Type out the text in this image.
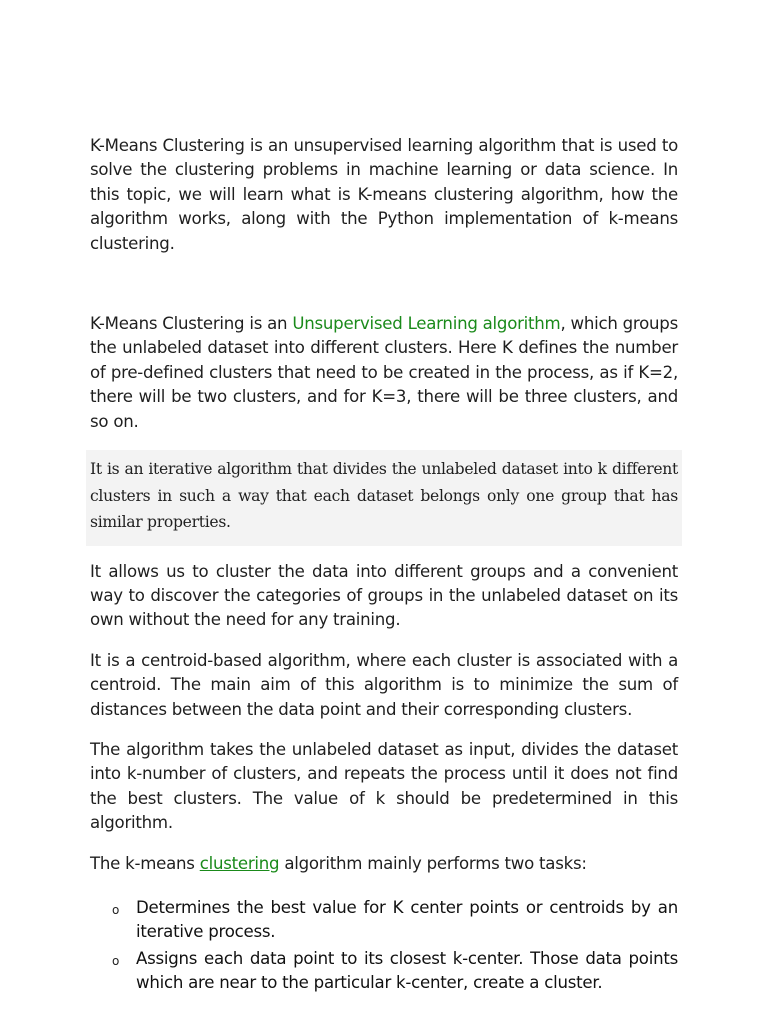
K-Means Clustering is an unsupervised learning algorithm that is used to solve the clustering problems in machine learning or data science. In this topic, we will learn what is K-means clustering algorithm, how the algorithm works, along with the Python implementation of k-means clustering.

K-Means Clustering is an Unsupervised Learning algorithm, which groups the unlabeled dataset into different clusters. Here K defines the number of pre-defined clusters that need to be created in the process, as if K=2, there will be two clusters, and for K=3, there will be three clusters, and so on.

It is an iterative algorithm that divides the unlabeled dataset into k different clusters in such a way that each dataset belongs only one group that has similar properties.

It allows us to cluster the data into different groups and a convenient way to discover the categories of groups in the unlabeled dataset on its own without the need for any training.

It is a centroid-based algorithm, where each cluster is associated with a centroid. The main aim of this algorithm is to minimize the sum of distances between the data point and their corresponding clusters.

The algorithm takes the unlabeled dataset as input, divides the dataset into k-number of clusters, and repeats the process until it does not find the best clusters. The value of k should be predetermined in this algorithm.

The k-means clustering algorithm mainly performs two tasks:

o Determines the best value for K center points or centroids by an iterative process.

o Assigns each data point to its closest k-center. Those data points which are near to the particular k-center, create a cluster.
